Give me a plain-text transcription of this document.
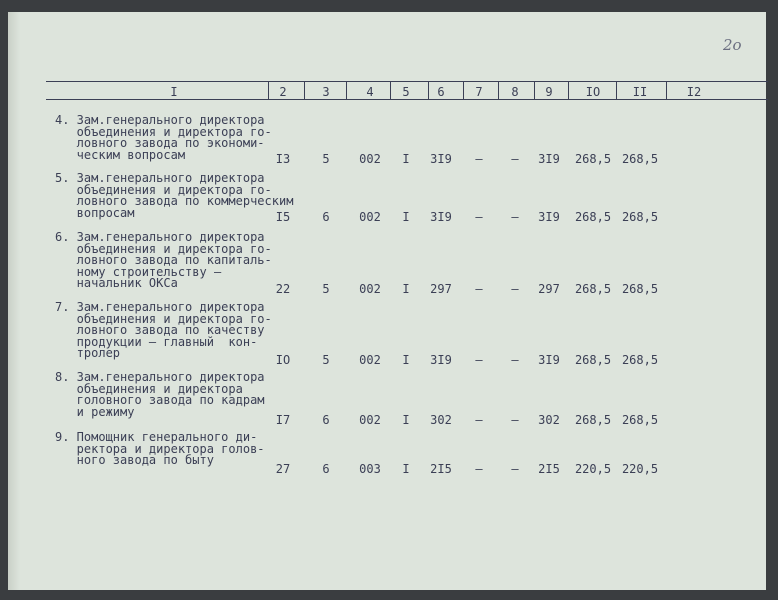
2o
I	2	3	4	5	6	7	8	9	IO	II	I2
4. Зам.генерального директора
объединения и директора го-
ловного завода по экономи-
ческим вопросам	I3	5	002	I	3I9	–	–	3I9	268,5 268,5
5. Зам.генерального директора
объединения и директора го-
ловного завода по коммерческим
вопросам	I5	6	002	I	3I9	–	–	3I9	268,5 268,5
6. Зам.генерального директора
объединения и директора го-
ловного завода по капиталь-
ному строительству –
начальник ОКСа	22	5	002	I	297	–	–	297	268,5 268,5
7. Зам.генерального директора
объединения и директора го-
ловного завода по качеству
продукции – главный  кон-
тролер	IO	5	002	I	3I9	–	–	3I9	268,5 268,5
8. Зам.генерального директора
объединения и директора
головного завода по кадрам
и режиму
I7	6	002	I	302	–	–	302	268,5 268,5
9. Помощник генерального ди-
ректора и директора голов-
ного завода по быту
27	6	003	I	2I5	–	–	2I5	220,5 220,5
